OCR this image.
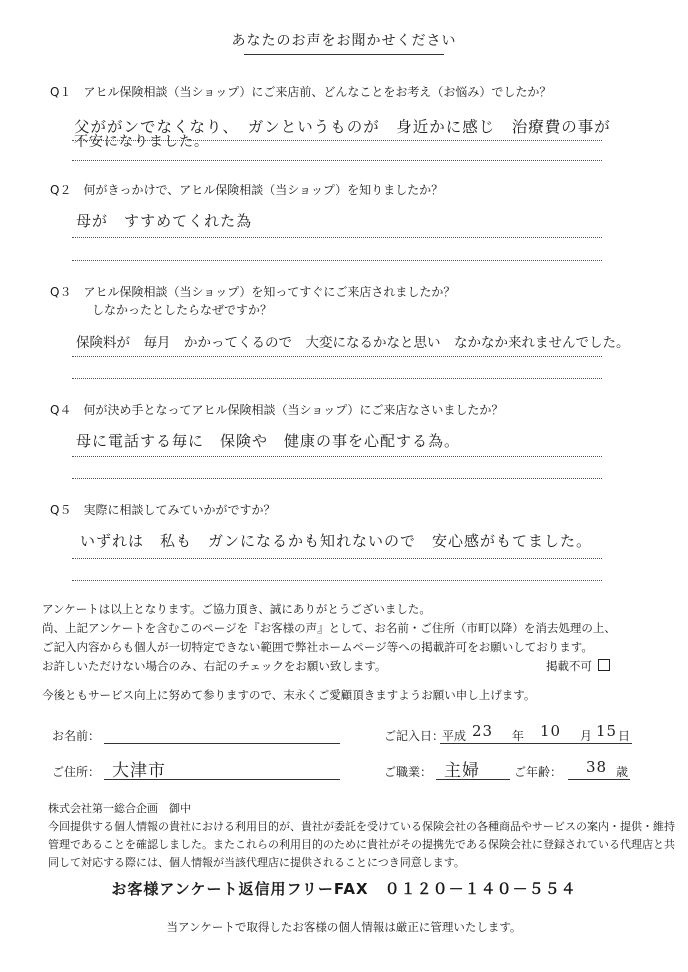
あなたのお声をお聞かせください
Q１　アヒル保険相談（当ショップ）にご来店前、どんなことをお考え（お悩み）でしたか？
父ががンでなくなり、　ガンというものが　身近かに感じ　治療費の事が
不安になりました。
Q２　何がきっかけで、アヒル保険相談（当ショップ）を知りましたか？
母が　すすめてくれた為
Q３　アヒル保険相談（当ショップ）を知ってすぐにご来店されましたか？
しなかったとしたらなぜですか？
保険料が　毎月　かかってくるので　大変になるかなと思い　なかなか来れませんでした。
Q４　何が決め手となってアヒル保険相談（当ショップ）にご来店なさいましたか？
母に電話する毎に　保険や　健康の事を心配する為。
Q５　実際に相談してみていかがですか？
いずれは　私も　ガンになるかも知れないので　安心感がもてました。
アンケートは以上となります。ご協力頂き、誠にありがとうございました。
尚、上記アンケートを含むこのページを『お客様の声』として、お名前・ご住所（市町以降）を消去処理の上、
ご記入内容からも個人が一切特定できない範囲で弊社ホームページ等への掲載許可をお願いしております。
お許しいただけない場合のみ、右記のチェックをお願い致します。	掲載不可
今後ともサービス向上に努めて参りますので、末永くご愛顧頂きますようお願い申し上げます。
お名前：	ご記入日：
平成 23 年 10 月 15 日
ご住所： 大津市	ご職業： 主婦	ご年齢： 38 歳
株式会社第一総合企画　御中
今回提供する個人情報の貴社における利用目的が、貴社が委託を受けている保険会社の各種商品やサービスの案内・提供・維持
管理であることを確認しました。またこれらの利用目的のために貴社がその提携先である保険会社に登録されている代理店と共
同して対応する際には、個人情報が当該代理店に提供されることにつき同意します。
お客様アンケート返信用フリーFAX　０１２０－１４０－５５４
当アンケートで取得したお客様の個人情報は厳正に管理いたします。
